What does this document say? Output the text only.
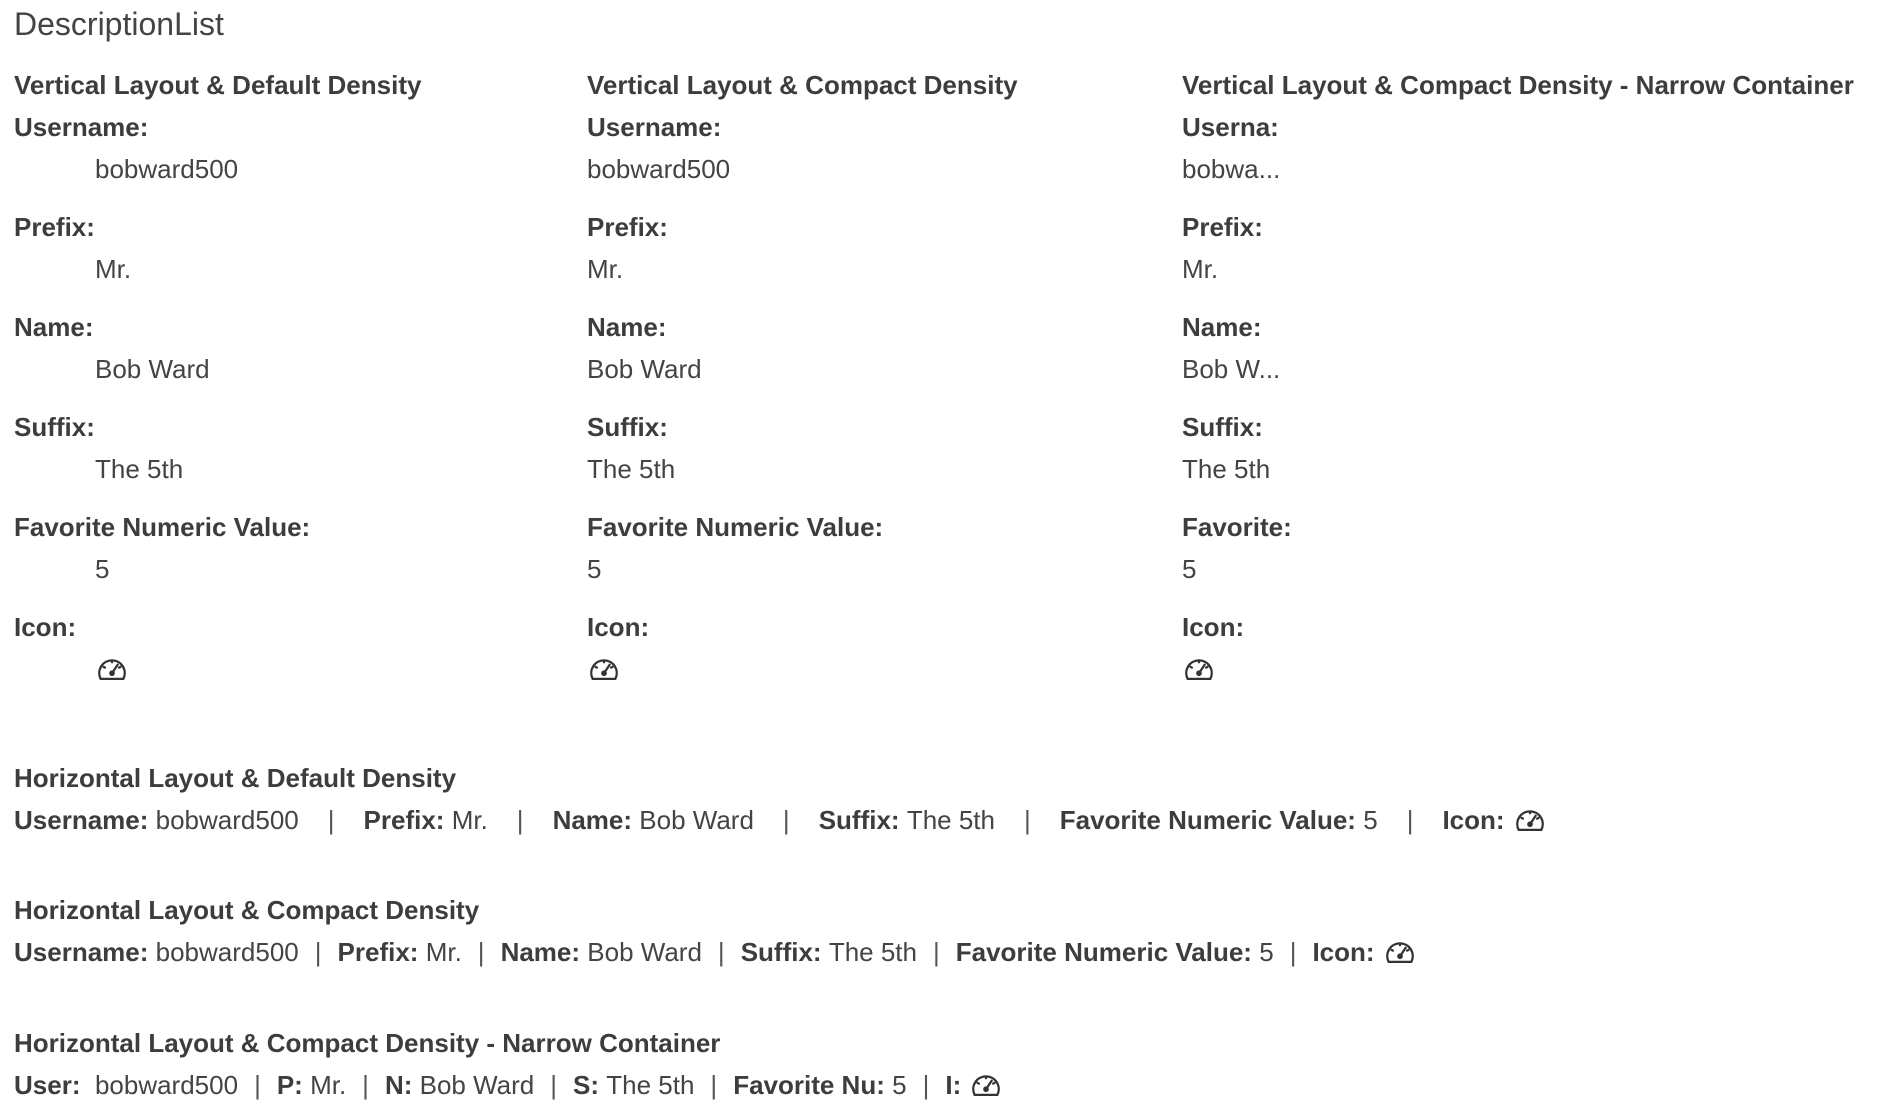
DescriptionList
Vertical Layout & Default Density
Username:
bobward500
Prefix:
Mr.
Name:
Bob Ward
Suffix:
The 5th
Favorite Numeric Value:
5
Icon:
Vertical Layout & Compact Density
Username:
bobward500
Prefix:
Mr.
Name:
Bob Ward
Suffix:
The 5th
Favorite Numeric Value:
5
Icon:
Vertical Layout & Compact Density - Narrow Container
Userna:
bobwa...
Prefix:
Mr.
Name:
Bob W...
Suffix:
The 5th
Favorite:
5
Icon:
Horizontal Layout & Default Density
Username:
bobward500 | Prefix:
Mr. | Name:
Bob Ward | Suffix:
The 5th | Favorite Numeric Value:
5 | Icon:
Horizontal Layout & Compact Density
Username:
bobward500 | Prefix:
Mr. | Name:
Bob Ward | Suffix:
The 5th | Favorite Numeric Value:
5 | Icon:
Horizontal Layout & Compact Density - Narrow Container
User:
bobward500 | P:
Mr. | N:
Bob Ward | S:
The 5th | Favorite Nu:
5 | I:
